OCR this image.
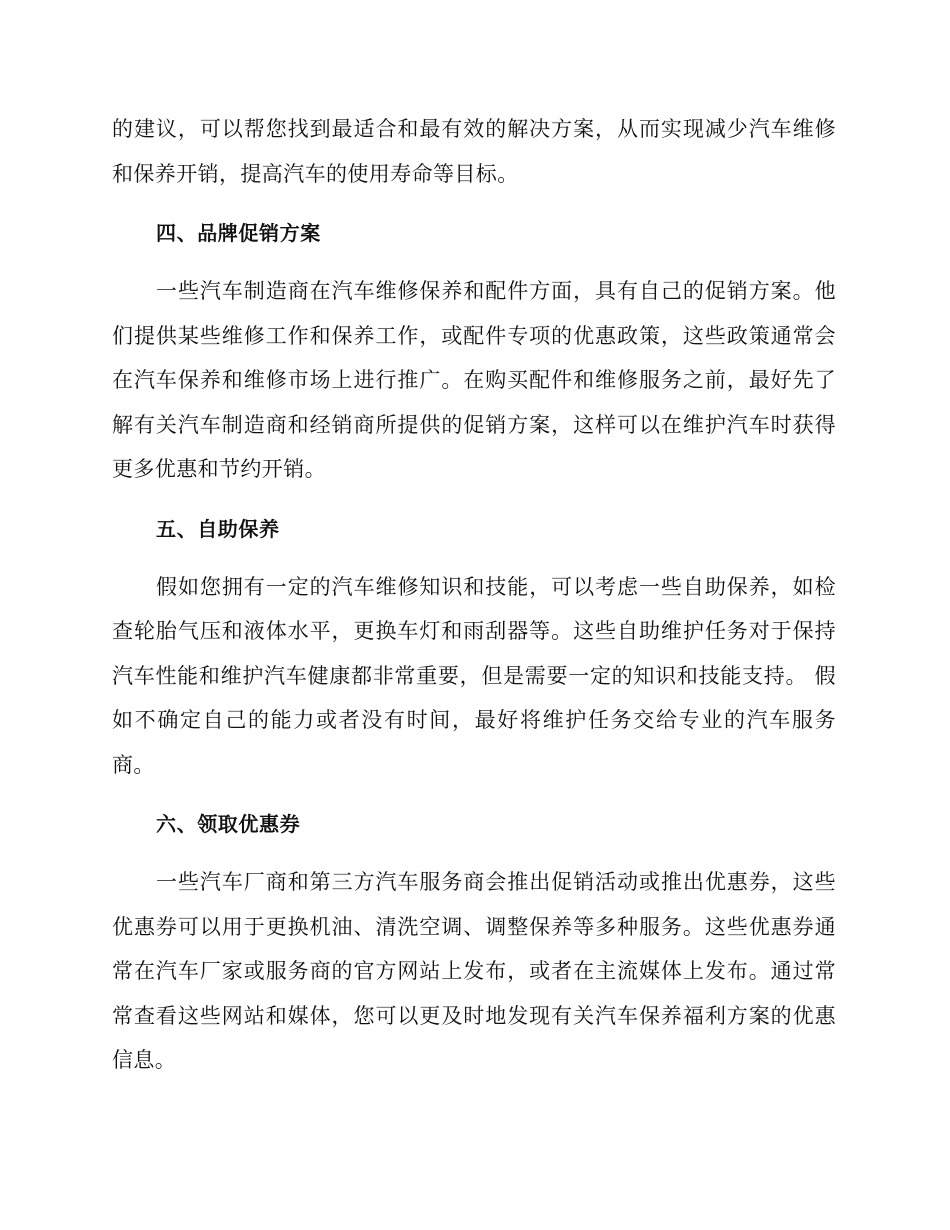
的建议，可以帮您找到最适合和最有效的解决方案，从而实现减少汽车维修和保养开销，提高汽车的使用寿命等目标。

四、品牌促销方案

一些汽车制造商在汽车维修保养和配件方面，具有自己的促销方案。他们提供某些维修工作和保养工作，或配件专项的优惠政策，这些政策通常会在汽车保养和维修市场上进行推广。在购买配件和维修服务之前，最好先了解有关汽车制造商和经销商所提供的促销方案，这样可以在维护汽车时获得更多优惠和节约开销。

五、自助保养

假如您拥有一定的汽车维修知识和技能，可以考虑一些自助保养，如检查轮胎气压和液体水平，更换车灯和雨刮器等。这些自助维护任务对于保持汽车性能和维护汽车健康都非常重要，但是需要一定的知识和技能支持。 假如不确定自己的能力或者没有时间，最好将维护任务交给专业的汽车服务商。

六、领取优惠券

一些汽车厂商和第三方汽车服务商会推出促销活动或推出优惠券，这些优惠券可以用于更换机油、清洗空调、调整保养等多种服务。这些优惠券通常在汽车厂家或服务商的官方网站上发布，或者在主流媒体上发布。通过常常查看这些网站和媒体，您可以更及时地发现有关汽车保养福利方案的优惠信息。
